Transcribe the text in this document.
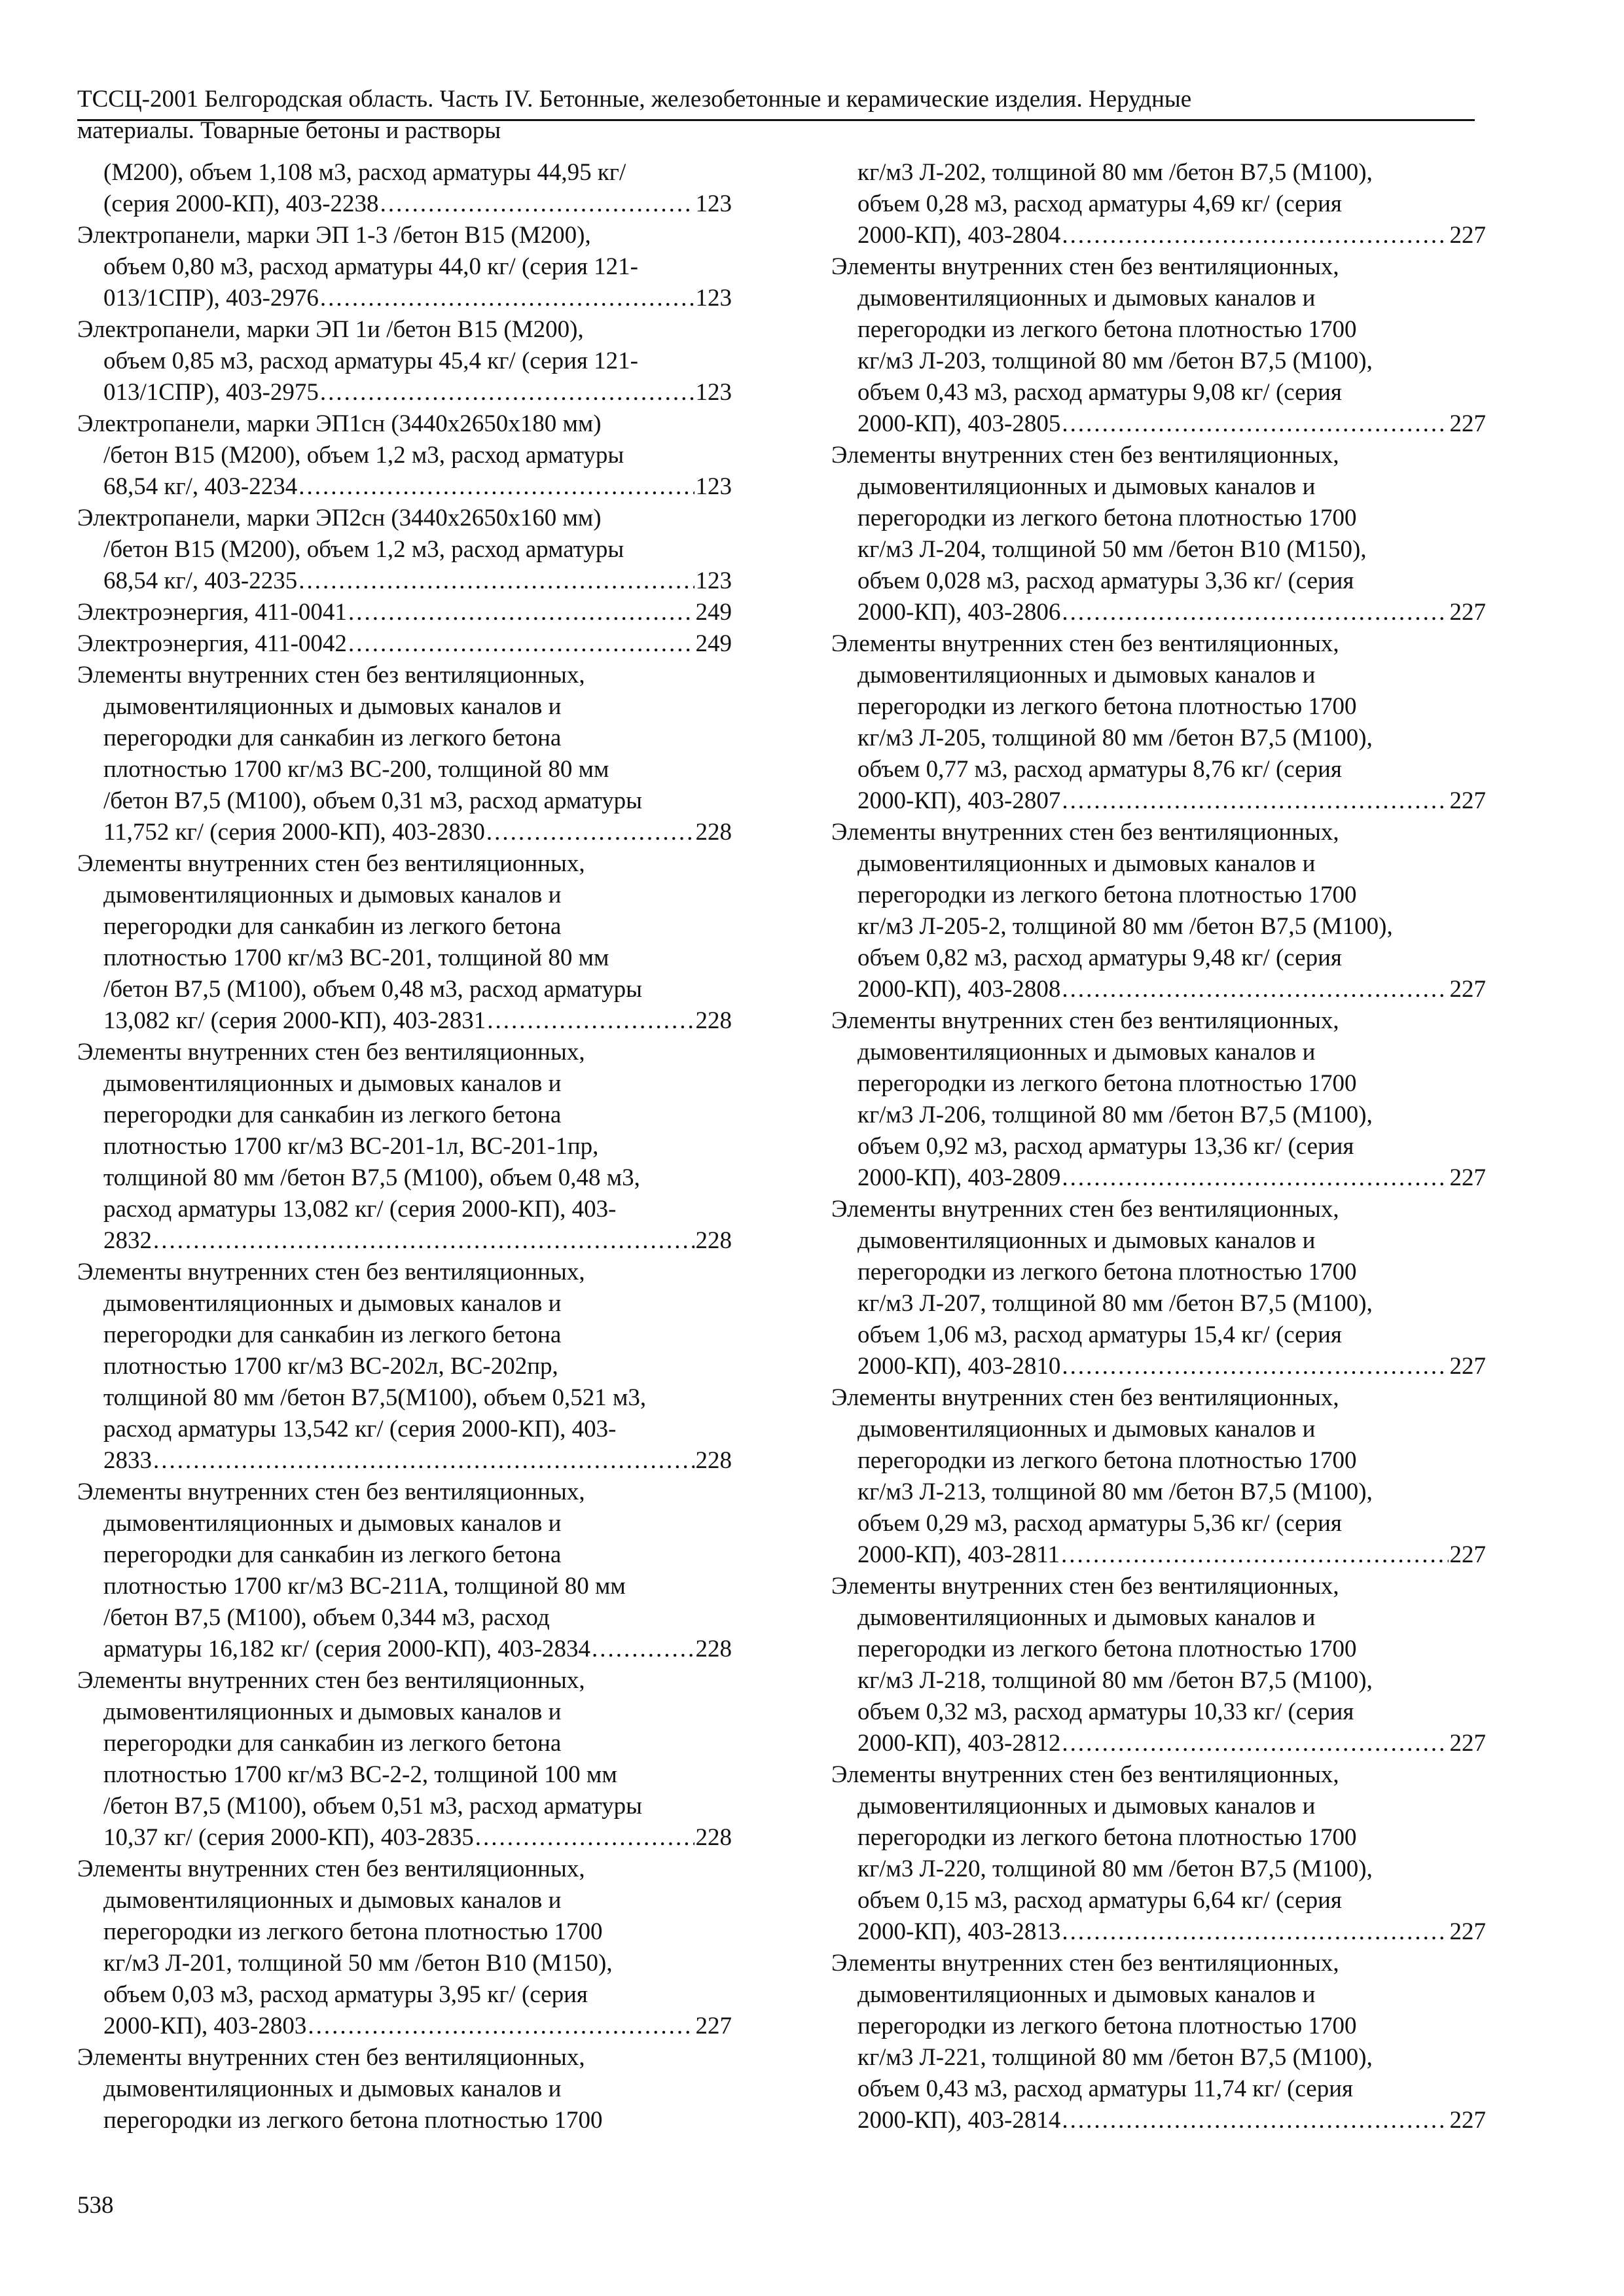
ТССЦ-2001 Белгородская область. Часть IV. Бетонные, железобетонные и керамические изделия. Нерудные
материалы. Товарные бетоны и растворы
(М200), объем 1,108 м3, расход арматуры 44,95 кг/
(серия 2000-КП), 403-2238 .....	123
Электропанели, марки ЭП 1-3 /бетон В15 (М200),
объем 0,80 м3, расход арматуры 44,0 кг/ (серия 121-
013/1СПР), 403-2976 .....	123
Электропанели, марки ЭП 1и /бетон В15 (М200),
объем 0,85 м3, расход арматуры 45,4 кг/ (серия 121-
013/1СПР), 403-2975 .....	123
Электропанели, марки ЭП1сн (3440х2650х180 мм)
/бетон В15 (М200), объем 1,2 м3, расход арматуры
68,54 кг/, 403-2234 .....	123
Электропанели, марки ЭП2сн (3440х2650х160 мм)
/бетон В15 (М200), объем 1,2 м3, расход арматуры
68,54 кг/, 403-2235 .....	123
Электроэнергия, 411-0041 .....	249
Электроэнергия, 411-0042 .....	249
Элементы внутренних стен без вентиляционных,
дымовентиляционных и дымовых каналов и
перегородки для санкабин из легкого бетона
плотностью 1700 кг/м3 ВС-200, толщиной 80 мм
/бетон В7,5 (М100), объем 0,31 м3, расход арматуры
11,752 кг/ (серия 2000-КП), 403-2830 .....	228
Элементы внутренних стен без вентиляционных,
дымовентиляционных и дымовых каналов и
перегородки для санкабин из легкого бетона
плотностью 1700 кг/м3 ВС-201, толщиной 80 мм
/бетон В7,5 (М100), объем 0,48 м3, расход арматуры
13,082 кг/ (серия 2000-КП), 403-2831 .....	228
Элементы внутренних стен без вентиляционных,
дымовентиляционных и дымовых каналов и
перегородки для санкабин из легкого бетона
плотностью 1700 кг/м3 ВС-201-1л, ВС-201-1пр,
толщиной 80 мм /бетон В7,5 (М100), объем 0,48 м3,
расход арматуры 13,082 кг/ (серия 2000-КП), 403-
2832 .....	228
Элементы внутренних стен без вентиляционных,
дымовентиляционных и дымовых каналов и
перегородки для санкабин из легкого бетона
плотностью 1700 кг/м3 ВС-202л, ВС-202пр,
толщиной 80 мм /бетон В7,5(М100), объем 0,521 м3,
расход арматуры 13,542 кг/ (серия 2000-КП), 403-
2833 .....	228
Элементы внутренних стен без вентиляционных,
дымовентиляционных и дымовых каналов и
перегородки для санкабин из легкого бетона
плотностью 1700 кг/м3 ВС-211А, толщиной 80 мм
/бетон В7,5 (М100), объем 0,344 м3, расход
арматуры 16,182 кг/ (серия 2000-КП), 403-2834 .....	228
Элементы внутренних стен без вентиляционных,
дымовентиляционных и дымовых каналов и
перегородки для санкабин из легкого бетона
плотностью 1700 кг/м3 ВС-2-2, толщиной 100 мм
/бетон В7,5 (М100), объем 0,51 м3, расход арматуры
10,37 кг/ (серия 2000-КП), 403-2835 .....	228
Элементы внутренних стен без вентиляционных,
дымовентиляционных и дымовых каналов и
перегородки из легкого бетона плотностью 1700
кг/м3 Л-201, толщиной 50 мм /бетон В10 (М150),
объем 0,03 м3, расход арматуры 3,95 кг/ (серия
2000-КП), 403-2803 .....	227
Элементы внутренних стен без вентиляционных,
дымовентиляционных и дымовых каналов и
перегородки из легкого бетона плотностью 1700
кг/м3 Л-202, толщиной 80 мм /бетон В7,5 (М100),
объем 0,28 м3, расход арматуры 4,69 кг/ (серия
2000-КП), 403-2804 .....	227
Элементы внутренних стен без вентиляционных,
дымовентиляционных и дымовых каналов и
перегородки из легкого бетона плотностью 1700
кг/м3 Л-203, толщиной 80 мм /бетон В7,5 (М100),
объем 0,43 м3, расход арматуры 9,08 кг/ (серия
2000-КП), 403-2805 .....	227
Элементы внутренних стен без вентиляционных,
дымовентиляционных и дымовых каналов и
перегородки из легкого бетона плотностью 1700
кг/м3 Л-204, толщиной 50 мм /бетон В10 (М150),
объем 0,028 м3, расход арматуры 3,36 кг/ (серия
2000-КП), 403-2806 .....	227
Элементы внутренних стен без вентиляционных,
дымовентиляционных и дымовых каналов и
перегородки из легкого бетона плотностью 1700
кг/м3 Л-205, толщиной 80 мм /бетон В7,5 (М100),
объем 0,77 м3, расход арматуры 8,76 кг/ (серия
2000-КП), 403-2807 .....	227
Элементы внутренних стен без вентиляционных,
дымовентиляционных и дымовых каналов и
перегородки из легкого бетона плотностью 1700
кг/м3 Л-205-2, толщиной 80 мм /бетон В7,5 (М100),
объем 0,82 м3, расход арматуры 9,48 кг/ (серия
2000-КП), 403-2808 .....	227
Элементы внутренних стен без вентиляционных,
дымовентиляционных и дымовых каналов и
перегородки из легкого бетона плотностью 1700
кг/м3 Л-206, толщиной 80 мм /бетон В7,5 (М100),
объем 0,92 м3, расход арматуры 13,36 кг/ (серия
2000-КП), 403-2809 .....	227
Элементы внутренних стен без вентиляционных,
дымовентиляционных и дымовых каналов и
перегородки из легкого бетона плотностью 1700
кг/м3 Л-207, толщиной 80 мм /бетон В7,5 (М100),
объем 1,06 м3, расход арматуры 15,4 кг/ (серия
2000-КП), 403-2810 .....	227
Элементы внутренних стен без вентиляционных,
дымовентиляционных и дымовых каналов и
перегородки из легкого бетона плотностью 1700
кг/м3 Л-213, толщиной 80 мм /бетон В7,5 (М100),
объем 0,29 м3, расход арматуры 5,36 кг/ (серия
2000-КП), 403-2811 .....	227
Элементы внутренних стен без вентиляционных,
дымовентиляционных и дымовых каналов и
перегородки из легкого бетона плотностью 1700
кг/м3 Л-218, толщиной 80 мм /бетон В7,5 (М100),
объем 0,32 м3, расход арматуры 10,33 кг/ (серия
2000-КП), 403-2812 .....	227
Элементы внутренних стен без вентиляционных,
дымовентиляционных и дымовых каналов и
перегородки из легкого бетона плотностью 1700
кг/м3 Л-220, толщиной 80 мм /бетон В7,5 (М100),
объем 0,15 м3, расход арматуры 6,64 кг/ (серия
2000-КП), 403-2813 .....	227
Элементы внутренних стен без вентиляционных,
дымовентиляционных и дымовых каналов и
перегородки из легкого бетона плотностью 1700
кг/м3 Л-221, толщиной 80 мм /бетон В7,5 (М100),
объем 0,43 м3, расход арматуры 11,74 кг/ (серия
2000-КП), 403-2814 .....	227
538
